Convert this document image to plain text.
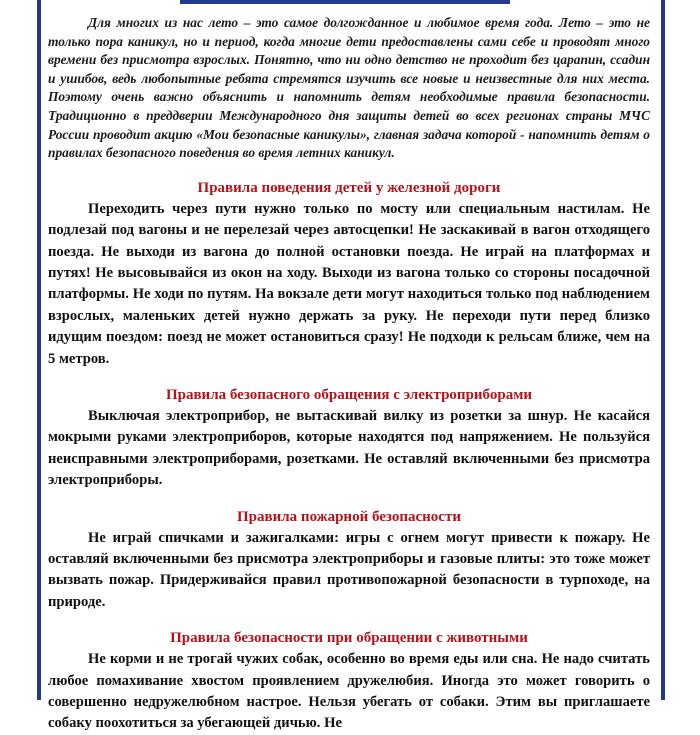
Для многих из нас лето – это самое долгожданное и любимое время года. Лето – это не только пора каникул, но и период, когда многие дети предоставлены сами себе и проводят много времени без присмотра взрослых. Понятно, что ни одно детство не проходит без царапин, ссадин и ушибов, ведь любопытные ребята стремятся изучить все новые и неизвестные для них места. Поэтому очень важно объяснить и напомнить детям необходимые правила безопасности. Традиционно в преддверии Международного дня защиты детей во всех регионах страны МЧС России проводит акцию «Мои безопасные каникулы», главная задача которой - напомнить детям о правилах безопасного поведения во время летних каникул.

Правила поведения детей у железной дороги

Переходить через пути нужно только по мосту или специальным настилам. Не подлезай под вагоны и не перелезай через автосцепки! Не заскакивай в вагон отходящего поезда. Не выходи из вагона до полной остановки поезда. Не играй на платформах и путях! Не высовывайся из окон на ходу. Выходи из вагона только со стороны посадочной платформы. Не ходи по путям. На вокзале дети могут находиться только под наблюдением взрослых, маленьких детей нужно держать за руку. Не переходи пути перед близко идущим поездом: поезд не может остановиться сразу! Не подходи к рельсам ближе, чем на 5 метров.

Правила безопасного обращения с электроприборами

Выключая электроприбор, не вытаскивай вилку из розетки за шнур. Не касайся мокрыми руками электроприборов, которые находятся под напряжением. Не пользуйся неисправными электроприборами, розетками. Не оставляй включенными без присмотра электроприборы.

Правила пожарной безопасности

Не играй спичками и зажигалками: игры с огнем могут привести к пожару. Не оставляй включенными без присмотра электроприборы и газовые плиты: это тоже может вызвать пожар. Придерживайся правил противопожарной безопасности в турпоходе, на природе.

Правила безопасности при обращении с животными

Не корми и не трогай чужих собак, особенно во время еды или сна. Не надо считать любое помахивание хвостом проявлением дружелюбия. Иногда это может говорить о совершенно недружелюбном настрое. Нельзя убегать от собаки. Этим вы приглашаете собаку поохотиться за убегающей дичью. Не
